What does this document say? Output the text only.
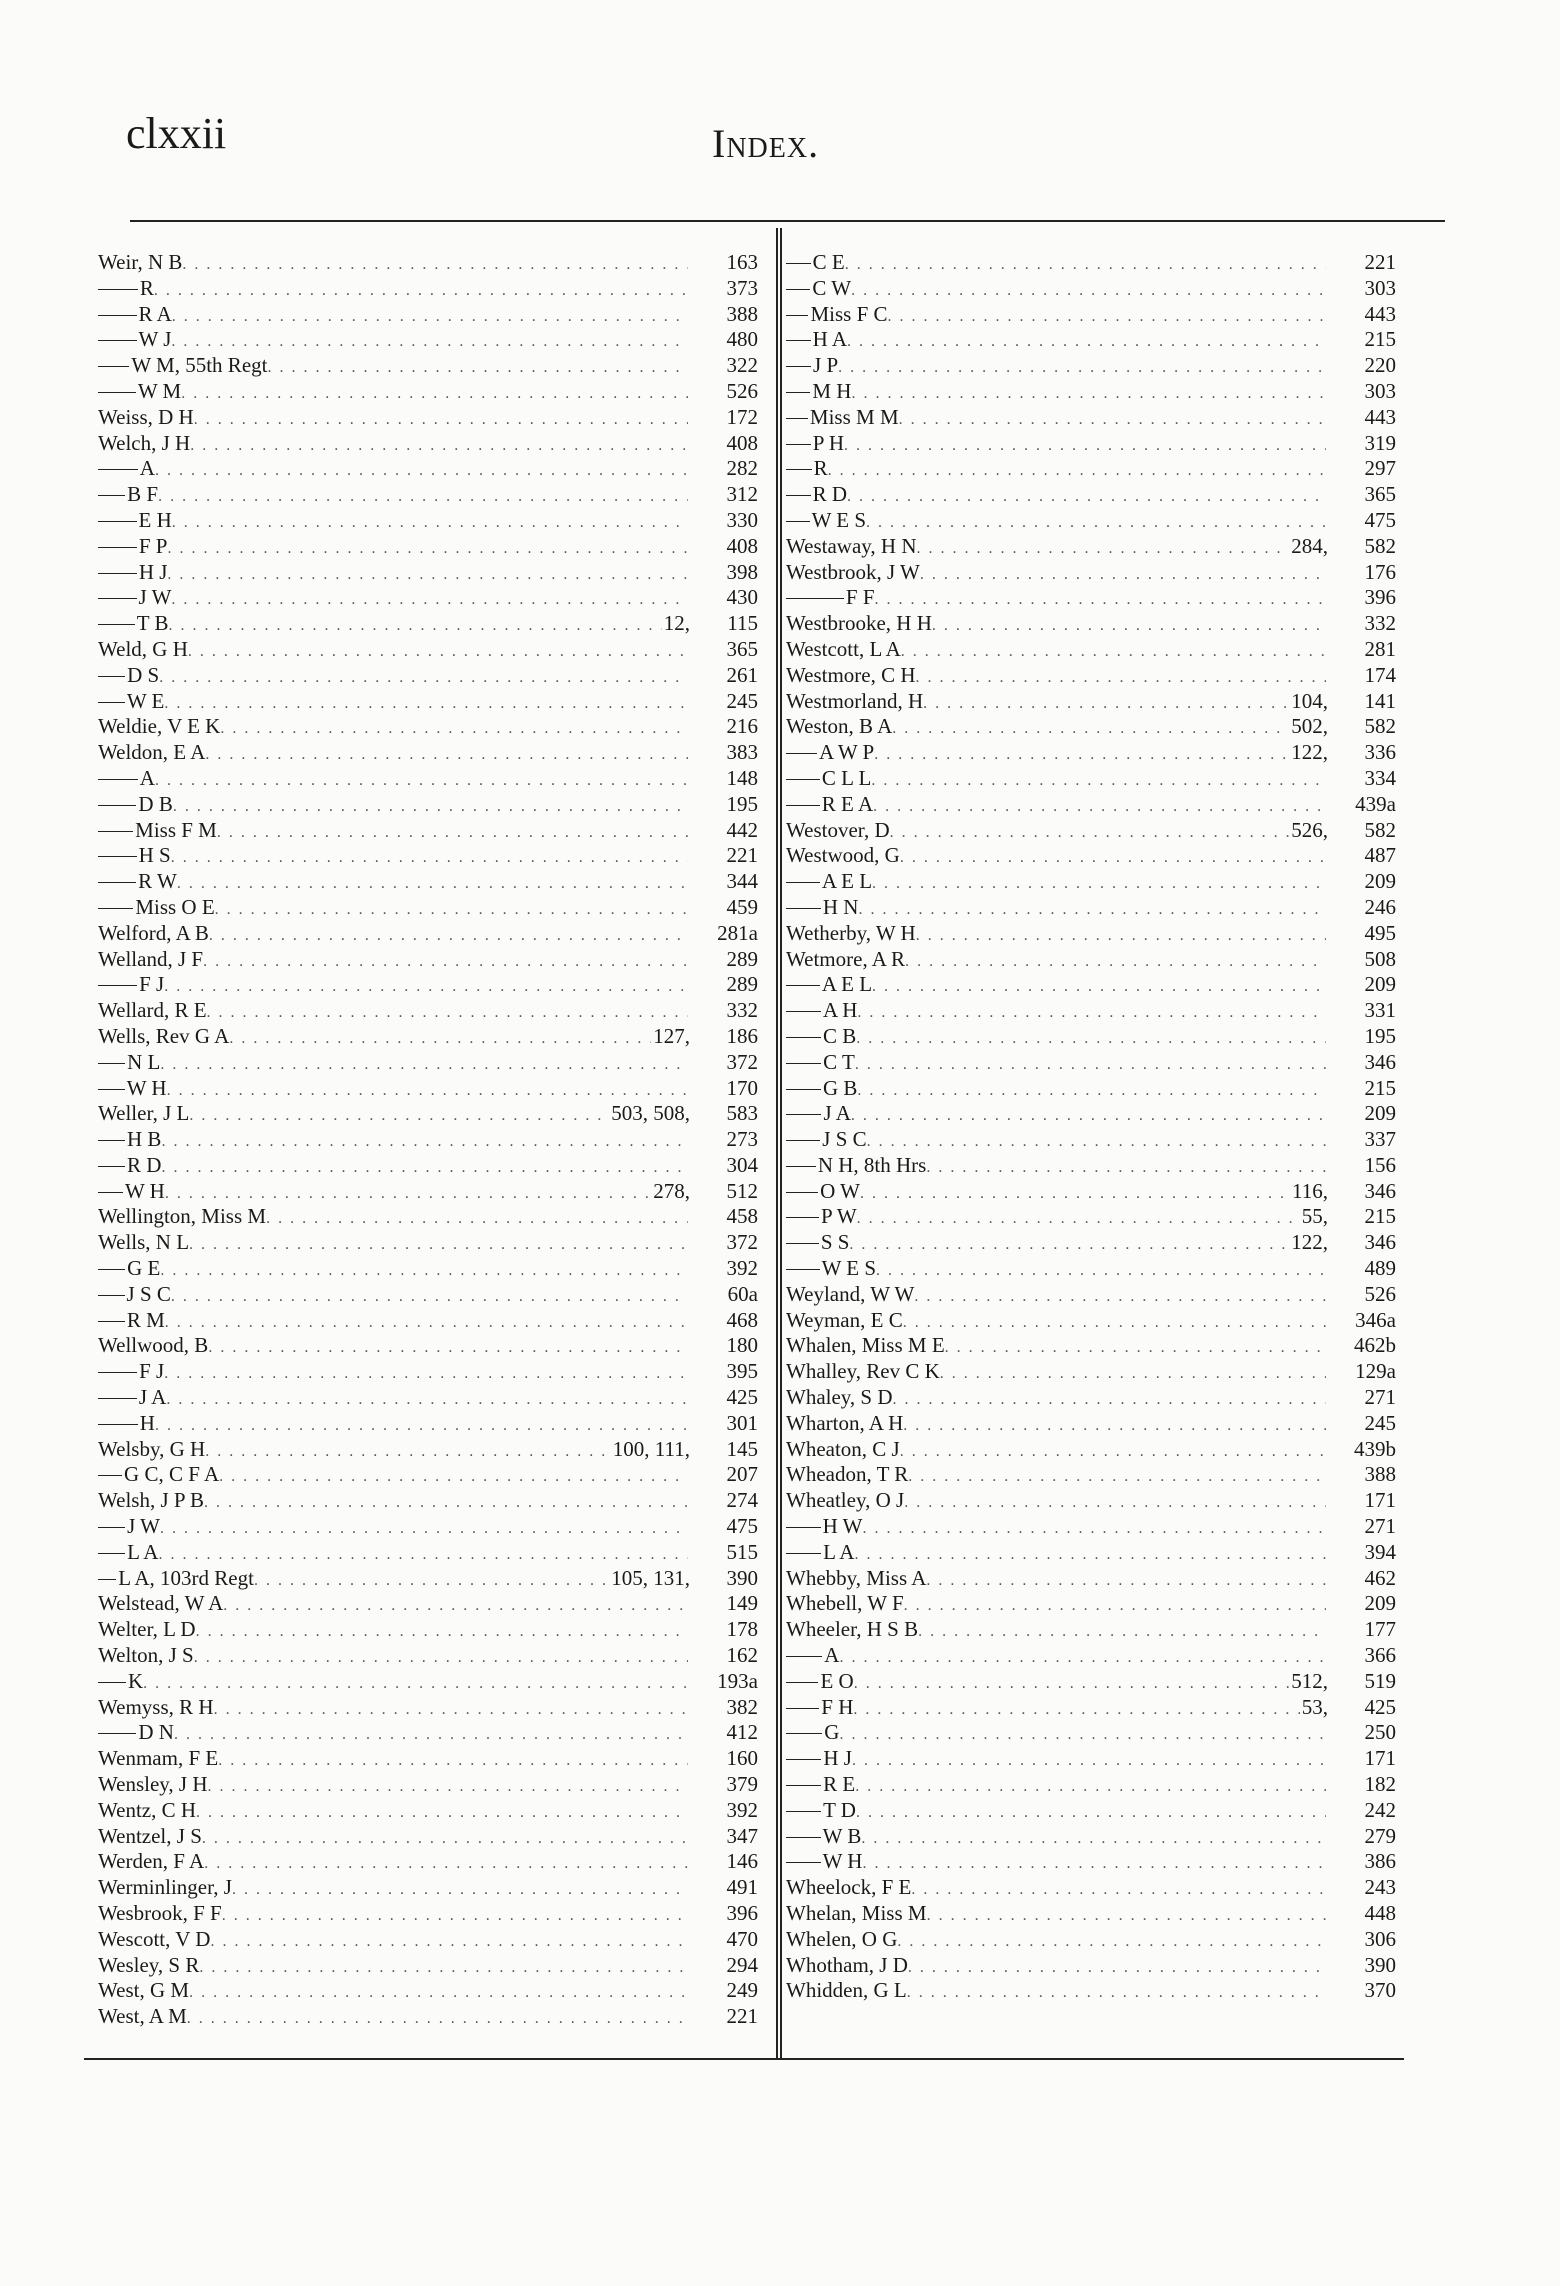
clxxii	Index.
Weir, N B . . .	163
R . . .	373
R A . . .	388
W J . . .	480
W M, 55th Regt . . .	322
W M . . .	526
Weiss, D H . . .	172
Welch, J H . . .	408
A . . .	282
B F . . .	312
E H . . .	330
F P . . .	408
H J . . .	398
J W . . .	430
T B . . .	12,	115
Weld, G H . . .	365
D S . . .	261
W E . . .	245
Weldie, V E K . . .	216
Weldon, E A . . .	383
A . . .	148
D B . . .	195
Miss F M . . .	442
H S . . .	221
R W . . .	344
Miss O E . . .	459
Welford, A B . . .	281a
Welland, J F . . .	289
F J . . .	289
Wellard, R E . . .	332
Wells, Rev G A . . .	127,	186
N L . . .	372
W H . . .	170
Weller, J L . . .	503, 508,	583
H B . . .	273
R D . . .	304
W H . . .	278,	512
Wellington, Miss M . . .	458
Wells, N L . . .	372
G E . . .	392
J S C . . .	60a
R M . . .	468
Wellwood, B . . .	180
F J . . .	395
J A . . .	425
H . . .	301
Welsby, G H . . .	100, 111,	145
G C, C F A . . .	207
Welsh, J P B . . .	274
J W . . .	475
L A . . .	515
L A, 103rd Regt . . .	105, 131,	390
Welstead, W A . . .	149
Welter, L D . . .	178
Welton, J S . . .	162
K . . .	193a
Wemyss, R H . . .	382
D N . . .	412
Wenmam, F E . . .	160
Wensley, J H . . .	379
Wentz, C H . . .	392
Wentzel, J S . . .	347
Werden, F A . . .	146
Werminlinger, J . . .	491
Wesbrook, F F . . .	396
Wescott, V D . . .	470
Wesley, S R . . .	294
West, G M . . .	249
West, A M . . .	221
C E . . .	221
C W . . .	303
Miss F C . . .	443
H A . . .	215
J P . . .	220
M H . . .	303
Miss M M . . .	443
P H . . .	319
R . . .	297
R D . . .	365
W E S . . .	475
Westaway, H N . . .	284,	582
Westbrook, J W . . .	176
F F . . .	396
Westbrooke, H H . . .	332
Westcott, L A . . .	281
Westmore, C H . . .	174
Westmorland, H . . .	104,	141
Weston, B A . . .	502,	582
A W P . . .	122,	336
C L L . . .	334
R E A . . .	439a
Westover, D . . .	526,	582
Westwood, G . . .	487
A E L . . .	209
H N . . .	246
Wetherby, W H . . .	495
Wetmore, A R . . .	508
A E L . . .	209
A H . . .	331
C B . . .	195
C T . . .	346
G B . . .	215
J A . . .	209
J S C . . .	337
N H, 8th Hrs . . .	156
O W . . .	116,	346
P W . . .	55,	215
S S . . .	122,	346
W E S . . .	489
Weyland, W W . . .	526
Weyman, E C . . .	346a
Whalen, Miss M E . . .	462b
Whalley, Rev C K . . .	129a
Whaley, S D . . .	271
Wharton, A H . . .	245
Wheaton, C J . . .	439b
Wheadon, T R . . .	388
Wheatley, O J . . .	171
H W . . .	271
L A . . .	394
Whebby, Miss A . . .	462
Whebell, W F . . .	209
Wheeler, H S B . . .	177
A . . .	366
E O . . .	512,	519
F H . . .	53,	425
G . . .	250
H J . . .	171
R E . . .	182
T D . . .	242
W B . . .	279
W H . . .	386
Wheelock, F E . . .	243
Whelan, Miss M . . .	448
Whelen, O G . . .	306
Whotham, J D . . .	390
Whidden, G L . . .	370
